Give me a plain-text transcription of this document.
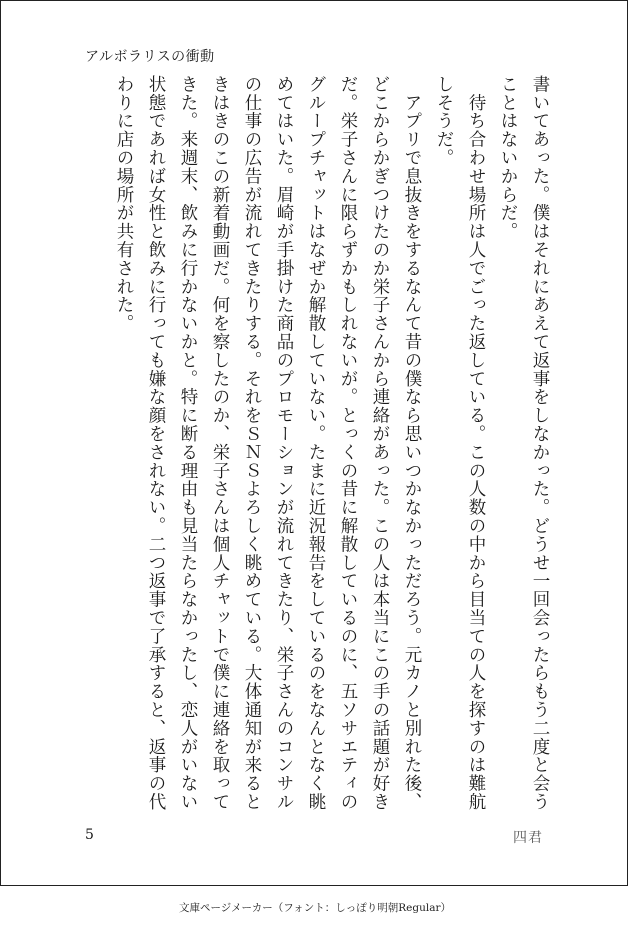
アルボラリスの衝動

書いてあった。僕はそれにあえて返事をしなかった。どうせ一回会ったらもう二度と会うことはないからだ。

　待ち合わせ場所は人でごった返している。この人数の中から目当ての人を探すのは難航しそうだ。

　アプリで息抜きをするなんて昔の僕なら思いつかなかっただろう。元カノと別れた後、どこからかぎつけたのか栄子さんから連絡があった。この人は本当にこの手の話題が好きだ。栄子さんに限らずかもしれないが。とっくの昔に解散しているのに、五ソサエティのグループチャットはなぜか解散していない。たまに近況報告をしているのをなんとなく眺めてはいた。眉崎が手掛けた商品のプロモーションが流れてきたり、栄子さんのコンサルの仕事の広告が流れてきたりする。それをＳＮＳよろしく眺めている。大体通知が来るときはきのこの新着動画だ。何を察したのか、栄子さんは個人チャットで僕に連絡を取ってきた。来週末、飲みに行かないかと。特に断る理由も見当たらなかったし、恋人がいない状態であれば女性と飲みに行っても嫌な顔をされない。二つ返事で了承すると、返事の代わりに店の場所が共有された。

5	四君
文庫ページメーカー（フォント：しっぽり明朝Regular）
